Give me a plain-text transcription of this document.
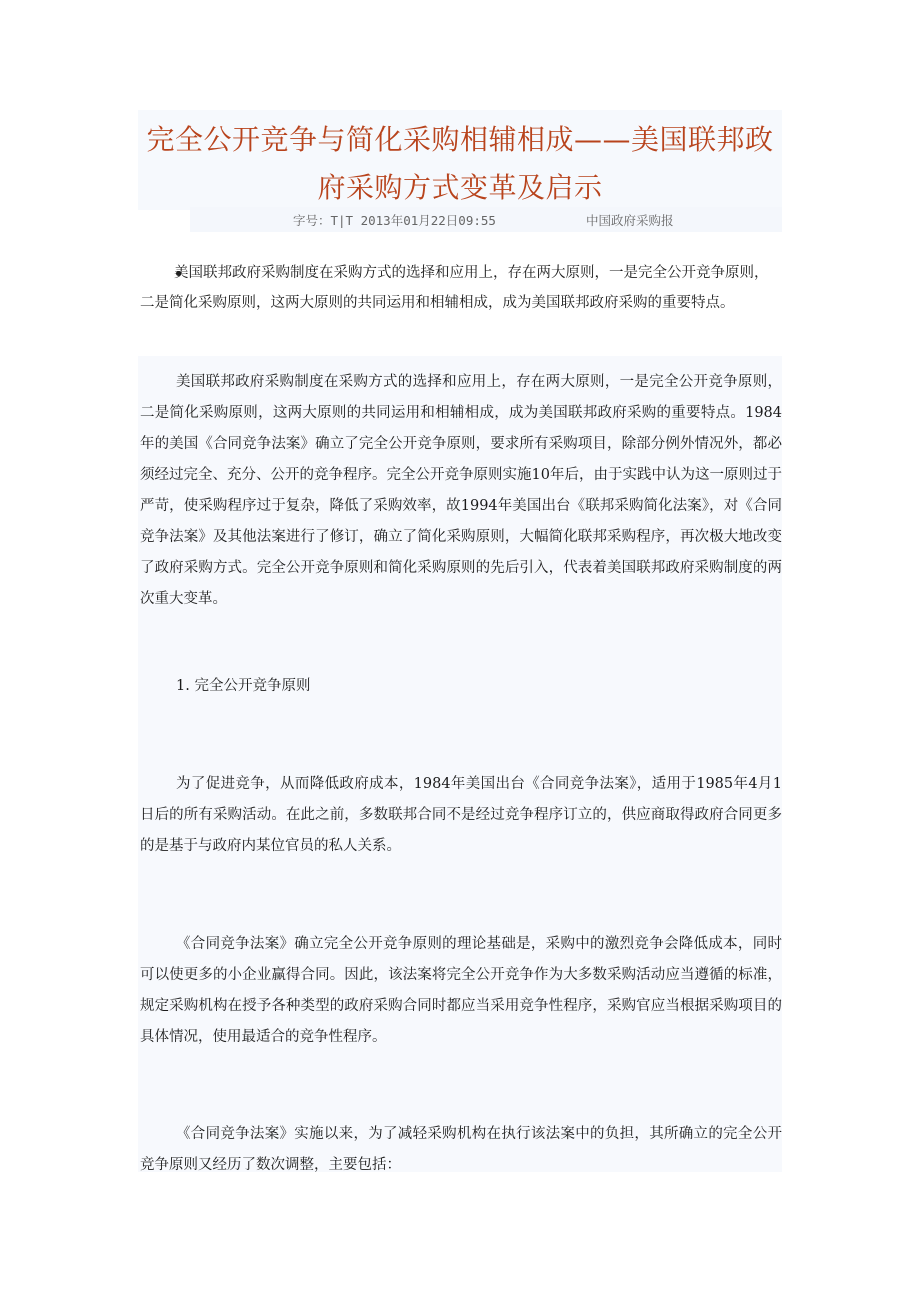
完全公开竞争与简化采购相辅相成——美国联邦政府采购方式变革及启示
字号：T|T 2013年01月22日09:55	中国政府采购报

美国联邦政府采购制度在采购方式的选择和应用上，存在两大原则，一是完全公开竞争原则，二是简化采购原则，这两大原则的共同运用和相辅相成，成为美国联邦政府采购的重要特点。

美国联邦政府采购制度在采购方式的选择和应用上，存在两大原则，一是完全公开竞争原则，二是简化采购原则，这两大原则的共同运用和相辅相成，成为美国联邦政府采购的重要特点。1984年的美国《合同竞争法案》确立了完全公开竞争原则，要求所有采购项目，除部分例外情况外，都必须经过完全、充分、公开的竞争程序。完全公开竞争原则实施10年后，由于实践中认为这一原则过于严苛，使采购程序过于复杂，降低了采购效率，故1994年美国出台《联邦采购简化法案》，对《合同竞争法案》及其他法案进行了修订，确立了简化采购原则，大幅简化联邦采购程序，再次极大地改变了政府采购方式。完全公开竞争原则和简化采购原则的先后引入，代表着美国联邦政府采购制度的两次重大变革。

1. 完全公开竞争原则

为了促进竞争，从而降低政府成本，1984年美国出台《合同竞争法案》，适用于1985年4月1日后的所有采购活动。在此之前，多数联邦合同不是经过竞争程序订立的，供应商取得政府合同更多的是基于与政府内某位官员的私人关系。

《合同竞争法案》确立完全公开竞争原则的理论基础是，采购中的激烈竞争会降低成本，同时可以使更多的小企业赢得合同。因此，该法案将完全公开竞争作为大多数采购活动应当遵循的标准，规定采购机构在授予各种类型的政府采购合同时都应当采用竞争性程序，采购官应当根据采购项目的具体情况，使用最适合的竞争性程序。

《合同竞争法案》实施以来，为了减轻采购机构在执行该法案中的负担，其所确立的完全公开竞争原则又经历了数次调整，主要包括：
